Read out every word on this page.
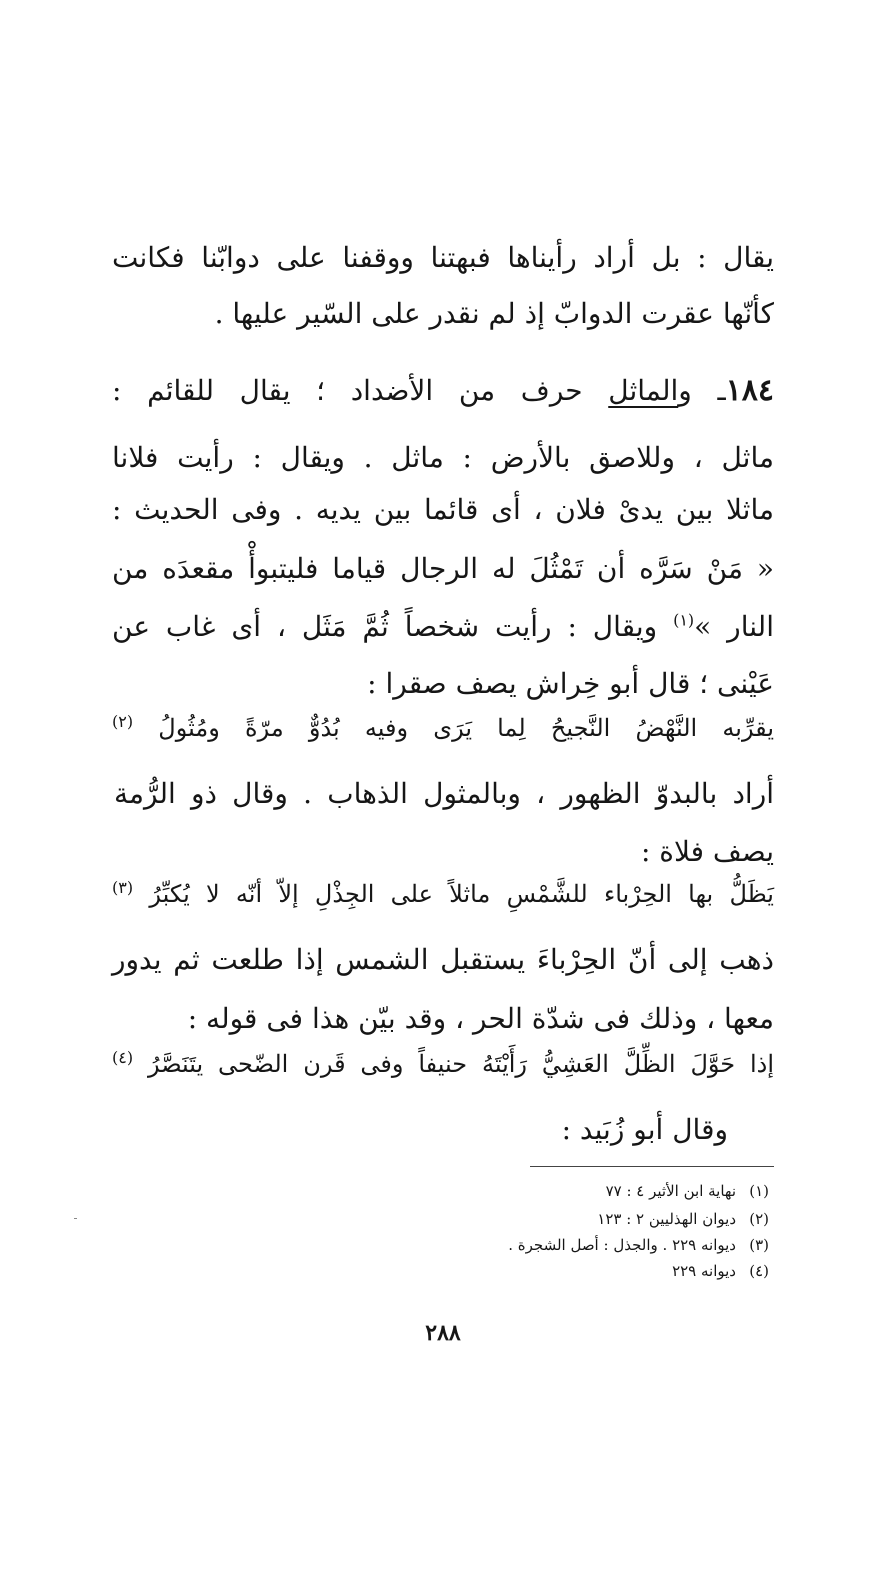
يقال : بل أراد رأيناها فبهتنا ووقفنا على دوابّنا فكانت
كأنّها عقرت الدوابّ إذ لم نقدر على السّير عليها .
١٨٤ـ والماثل حرف من الأضداد ؛ يقال للقائم :
ماثل ، وللاصق بالأرض : ماثل . ويقال : رأيت فلانا
ماثلا بين يدىْ فلان ، أى قائما بين يديه . وفى الحديث :
« مَنْ سَرَّه أن تَمْثُلَ له الرجال قياما فليتبوأْ مقعدَه من
النار »$^{(١)}$ ويقال : رأيت شخصاً ثُمَّ مَثَل ، أى غاب عن
عَيْنى ؛ قال أبو خِراش يصف صقرا :
يقرِّبه النَّهْضُ النَّجيحُ لِما يَرَى وفيه بُدُوٌّ مرّةً ومُثُولُ $^{(٢)}$
أراد بالبدوّ الظهور ، وبالمثول الذهاب . وقال ذو الرُّمة
يصف فلاة :
يَظَلُّ بها الحِرْباء للشَّمْسِ ماثلاً على الجِذْلِ إلاّ أنّه لا يُكبِّرُ $^{(٣)}$
ذهب إلى أنّ الحِرْباءَ يستقبل الشمس إذا طلعت ثم يدور
معها ، وذلك فى شدّة الحر ، وقد بيّن هذا فى قوله :
إذا حَوَّلَ الظِّلَّ العَشِيُّ رَأَيْتَهُ حنيفاً وفى قَرن الضّحى يتَنَصَّرُ $^{(٤)}$
وقال أبو زُبَيد :
(١)
نهاية ابن الأثير ٤ : ٧٧
(٢)
ديوان الهذليين ٢ : ١٢٣
(٣)
ديوانه ٢٢٩ . والجذل : أصل الشجرة .
(٤)
ديوانه ٢٢٩
٢٨٨
